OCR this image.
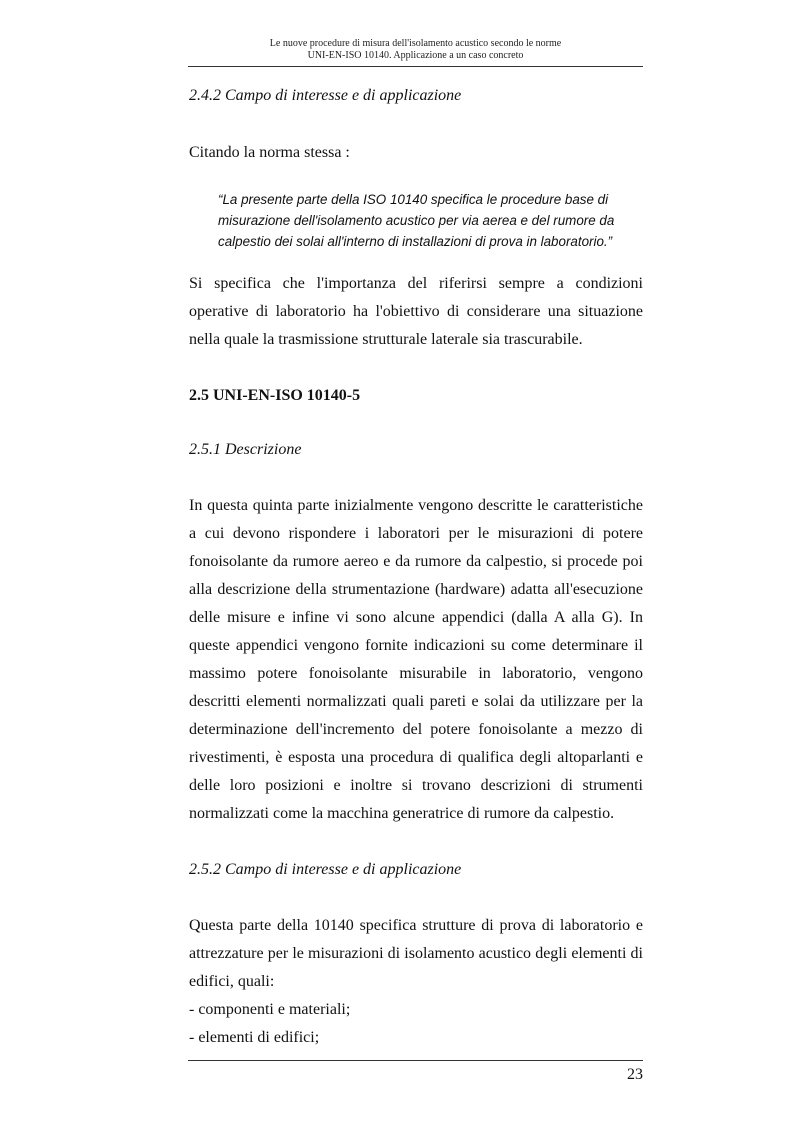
Le nuove procedure di misura dell'isolamento acustico secondo le norme
UNI-EN-ISO 10140. Applicazione a un caso concreto

2.4.2 Campo di interesse e di applicazione

Citando la norma stessa :

“La presente parte della ISO 10140 specifica le procedure base di misurazione dell'isolamento acustico per via aerea e del rumore da calpestio dei solai all'interno di installazioni di prova in laboratorio.”

Si specifica che l'importanza del riferirsi sempre a condizioni operative di laboratorio ha l'obiettivo di considerare una situazione nella quale la trasmissione strutturale laterale sia trascurabile.

2.5 UNI-EN-ISO 10140-5

2.5.1 Descrizione

In questa quinta parte inizialmente vengono descritte le caratteristiche a cui devono rispondere i laboratori per le misurazioni di potere fonoisolante da rumore aereo e da rumore da calpestio, si procede poi alla descrizione della strumentazione (hardware) adatta all'esecuzione delle misure e infine vi sono alcune appendici (dalla A alla G). In queste appendici vengono fornite indicazioni su come determinare il massimo potere fonoisolante misurabile in laboratorio, vengono descritti elementi normalizzati quali pareti e solai da utilizzare per la determinazione dell'incremento del potere fonoisolante a mezzo di rivestimenti, è esposta una procedura di qualifica degli altoparlanti e delle loro posizioni e inoltre si trovano descrizioni di strumenti normalizzati come la macchina generatrice di rumore da calpestio.

2.5.2 Campo di interesse e di applicazione

Questa parte della 10140 specifica strutture di prova di laboratorio e attrezzature per le misurazioni di isolamento acustico degli elementi di edifici, quali:

- componenti e materiali;

- elementi di edifici;

23
